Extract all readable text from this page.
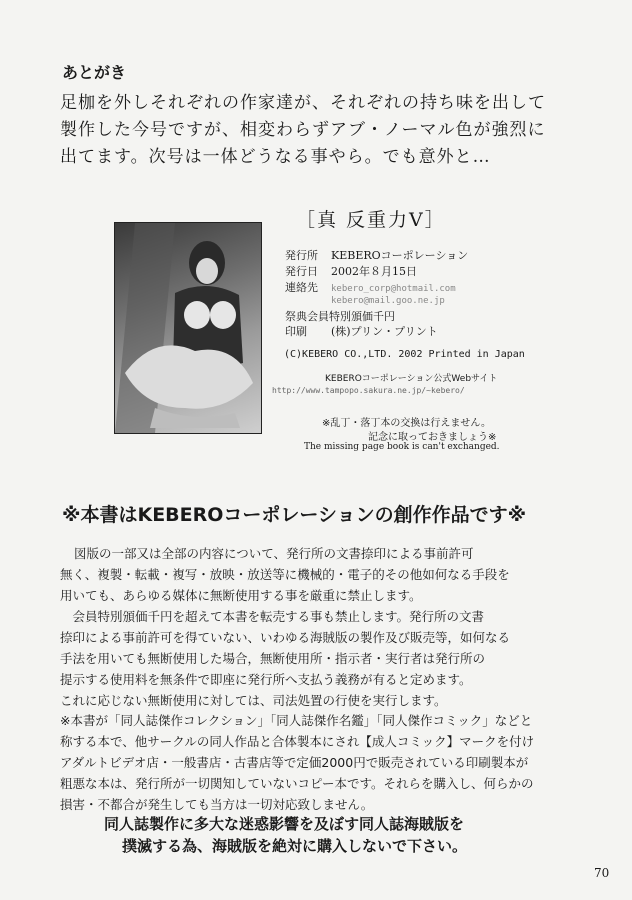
あとがき
足枷を外しそれぞれの作家達が、それぞれの持ち味を出して
製作した今号ですが、相変わらずアブ・ノーマル色が強烈に
出てます。次号は一体どうなる事やら。でも意外と…
［真 反重力Ⅴ］
発行所 KEBEROコーポレーション
発行日 2002年８月15日
連絡先 kebero_corp@hotmail.com
kebero@mail.goo.ne.jp
祭典会員特別頒価千円
印刷 (株)プリン・プリント
(C)KEBERO CO.,LTD. 2002 Printed in Japan
KEBEROコーポレーション公式Webサイト
http://www.tampopo.sakura.ne.jp/~kebero/
※乱丁・落丁本の交換は行えません。
記念に取っておきましょう※
The missing page book is can't exchanged.
※本書はKEBEROコーポレーションの創作作品です※
図版の一部又は全部の内容について、発行所の文書捺印による事前許可
無く、複製・転載・複写・放映・放送等に機械的・電子的その他如何なる手段を
用いても、あらゆる媒体に無断使用する事を厳重に禁止します。
　会員特別頒価千円を超えて本書を転売する事も禁止します。発行所の文書
捺印による事前許可を得ていない、いわゆる海賊版の製作及び販売等，如何なる
手法を用いても無断使用した場合，無断使用所・指示者・実行者は発行所の
提示する使用料を無条件で即座に発行所へ支払う義務が有ると定めます。
これに応じない無断使用に対しては、司法処置の行使を実行します。
※本書が「同人誌傑作コレクション」「同人誌傑作名鑑」「同人傑作コミック」などと
称する本で、他サークルの同人作品と合体製本にされ【成人コミック】マークを付け
アダルトビデオ店・一般書店・古書店等で定価2000円で販売されている印刷製本が
粗悪な本は、発行所が一切関知していないコピー本です。それらを購入し、何らかの
損害・不都合が発生しても当方は一切対応致しません。
同人誌製作に多大な迷惑影響を及ぼす同人誌海賊版を
撲滅する為、海賊版を絶対に購入しないで下さい。
70
